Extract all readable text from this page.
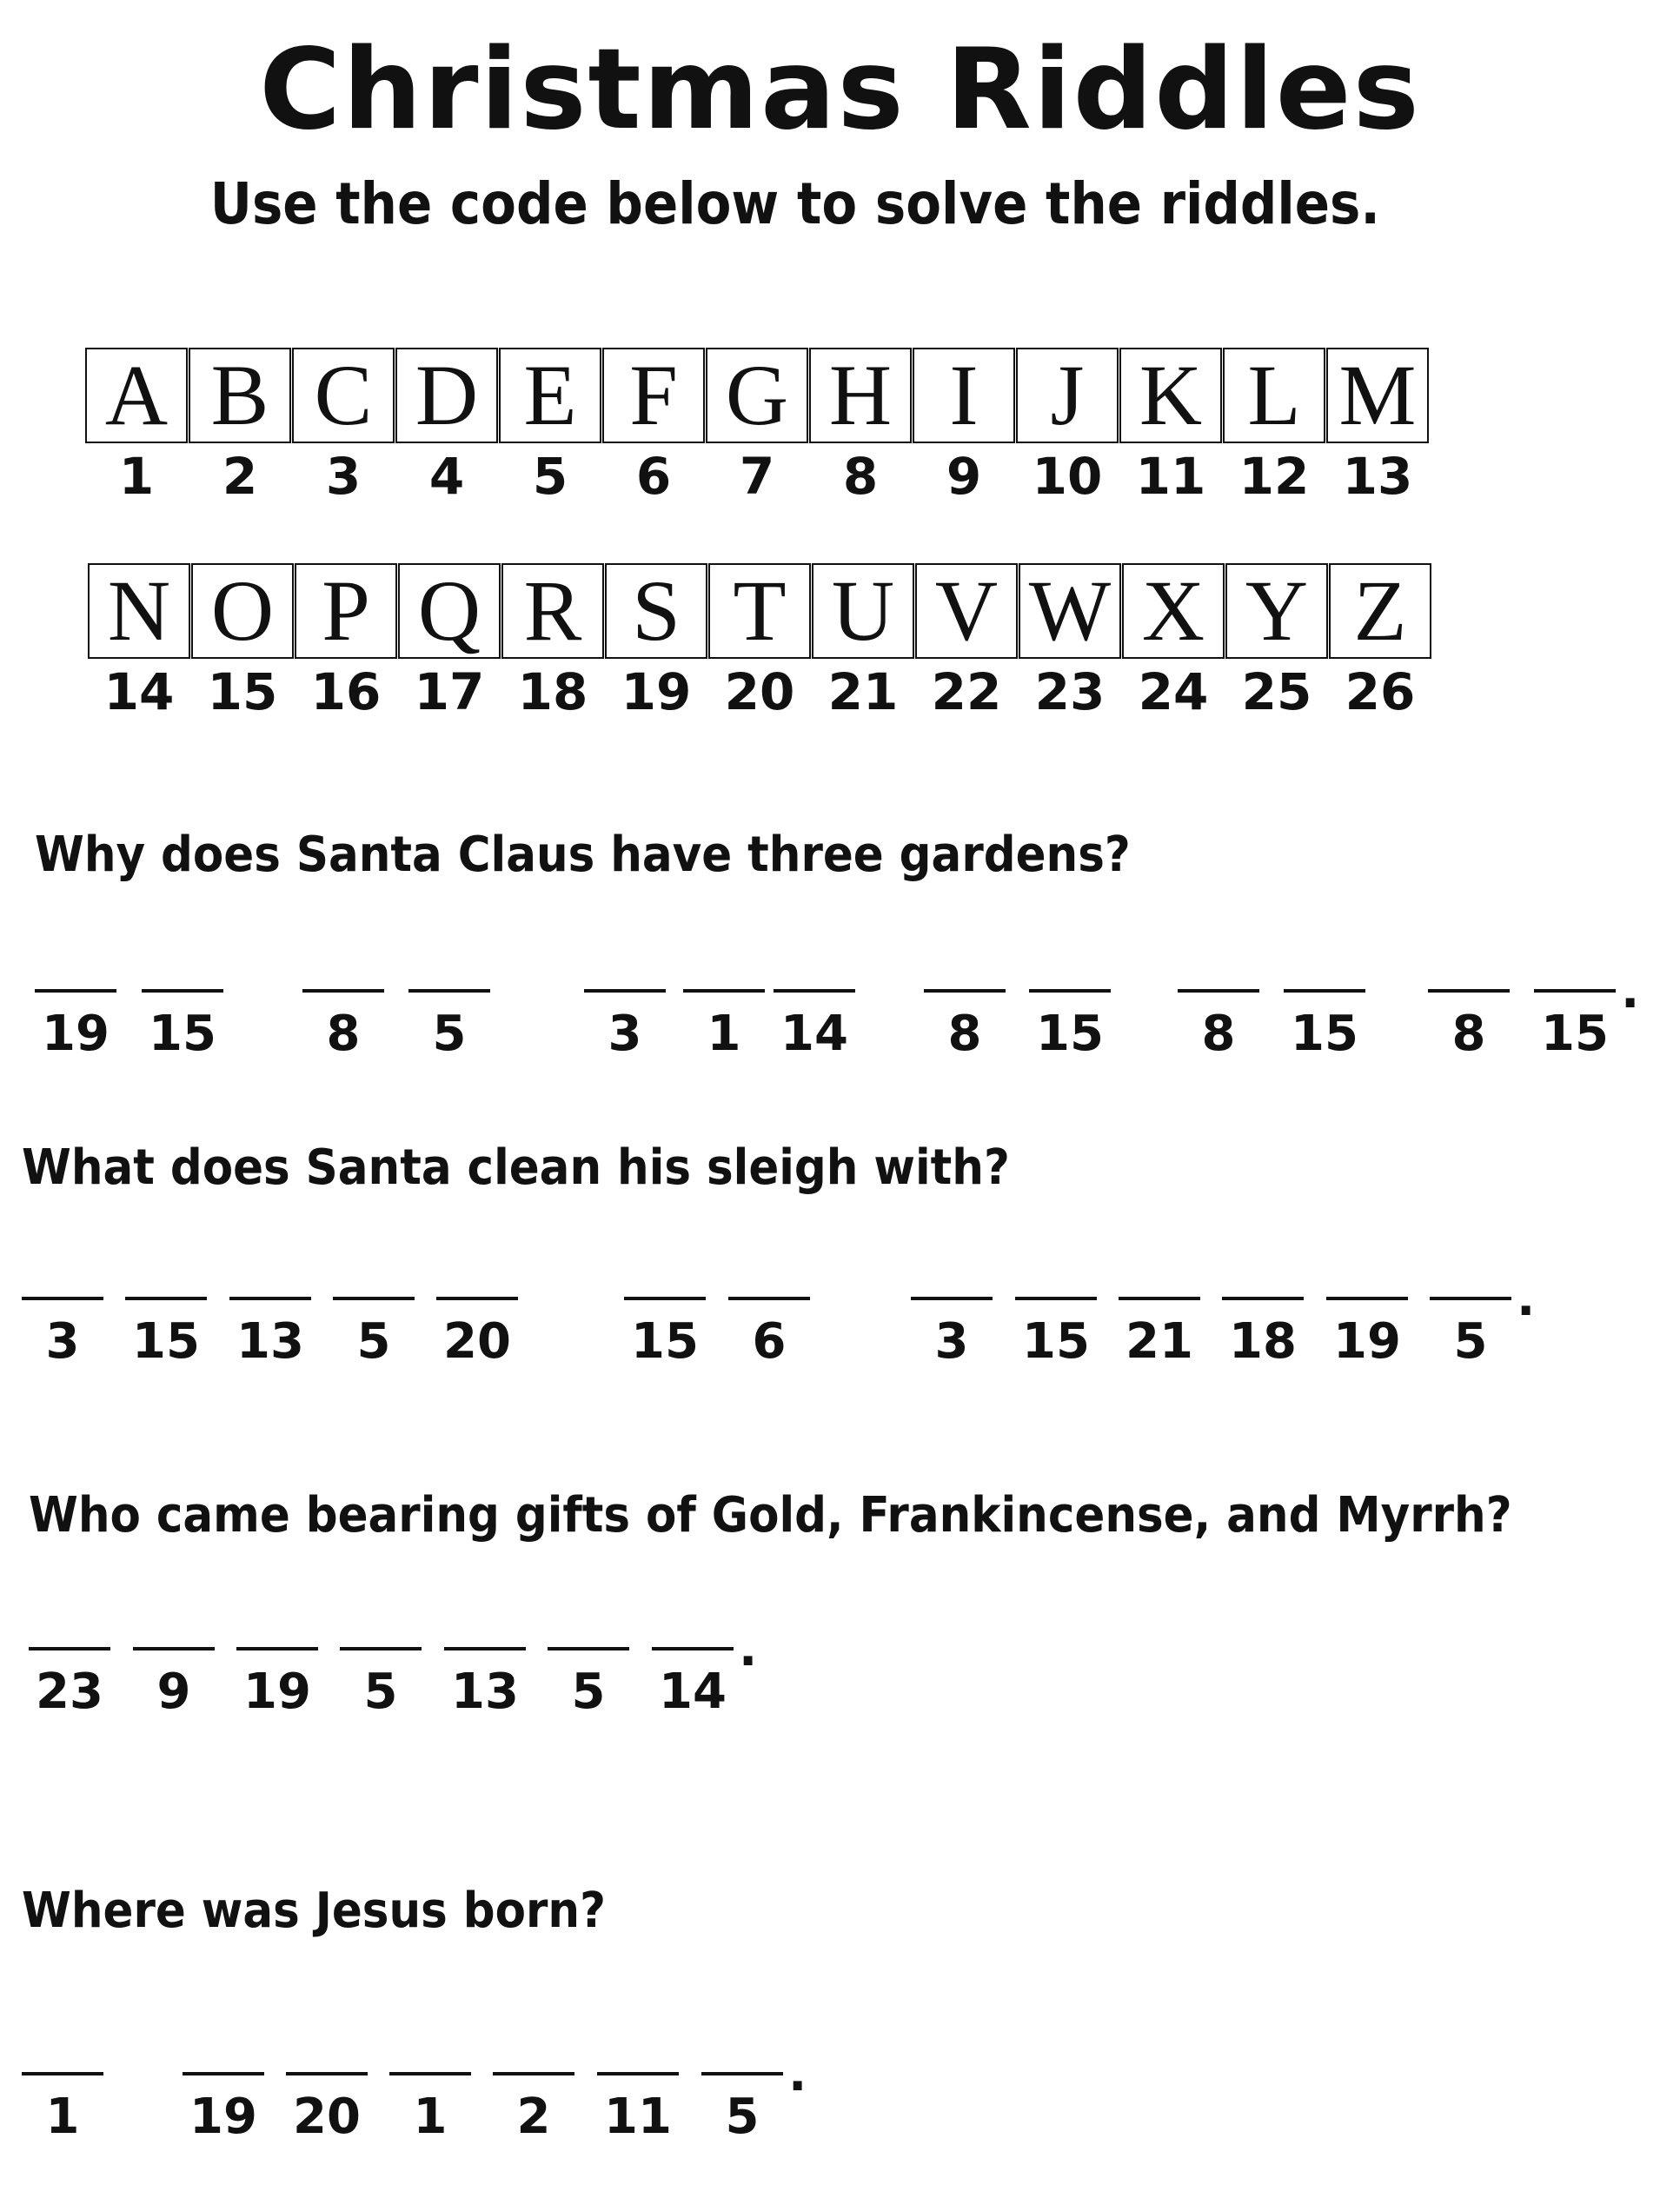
Christmas Riddles

Use the code below to solve the riddles.

A
1
B
2
C
3
D
4
E
5
F
6
G
7
H
8
I
9
J
10
K
11
L
12
M
13
N
14
O
15
P
16
Q
17
R
18
S
19
T
20
U
21
V
22
W
23
X
24
Y
25
Z
26

Why does Santa Claus have three gardens?

19 15	8	5	3	1 14	8	15	8	15	8	15
.

What does Santa clean his sleigh with?

3	15 13	5	20 15	6	3	15 21 18 19	5
.

Who came bearing gifts of Gold, Frankincense, and Myrrh?

23	9	19	5	13	5	14
.

Where was Jesus born?

1	19 20	1	2	11	5
.
